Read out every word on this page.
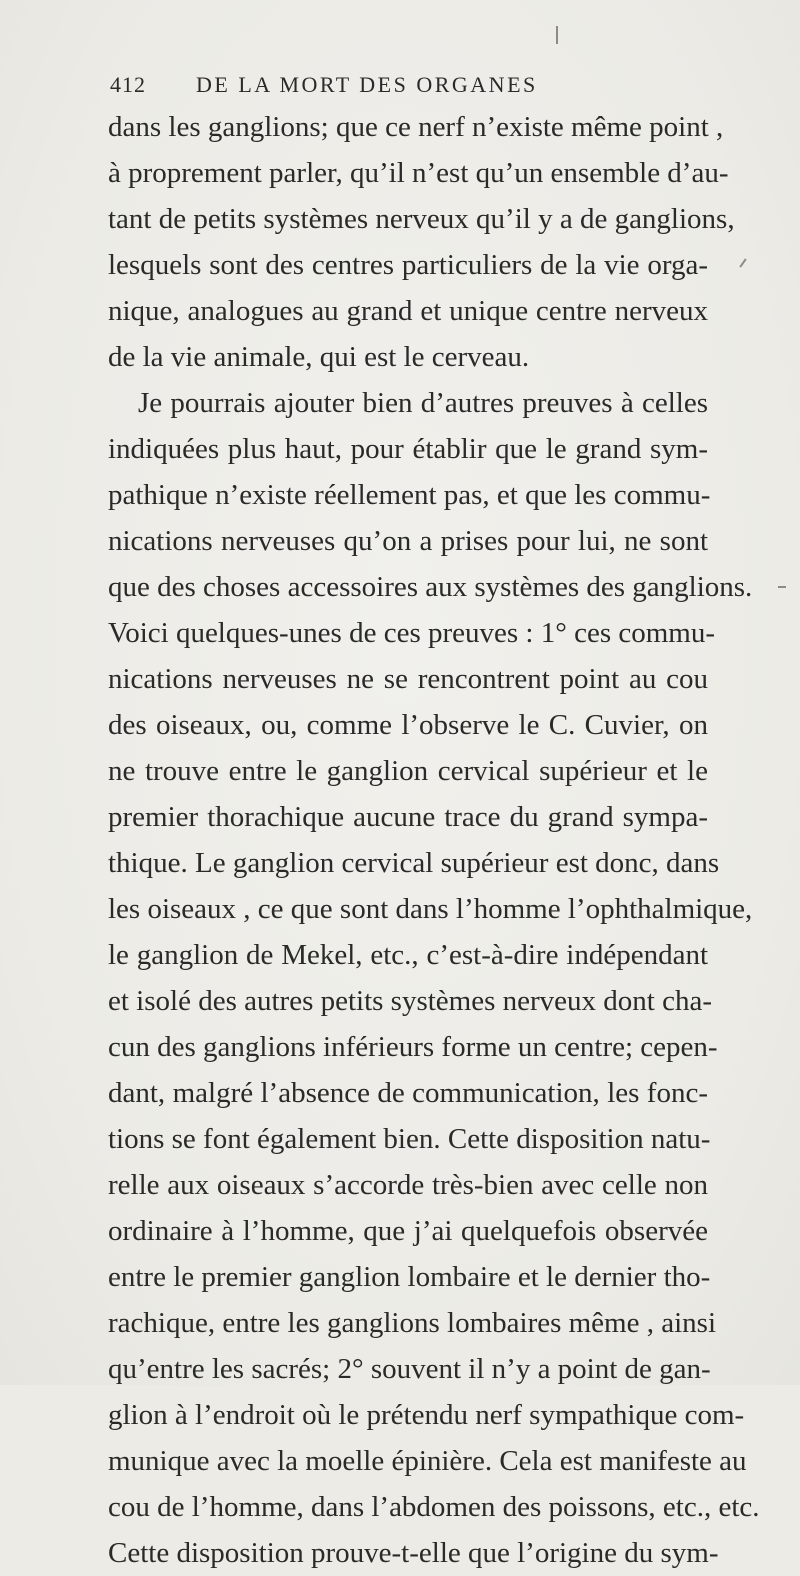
412 DE LA MORT DES ORGANES
dans les ganglions; que ce nerf n’existe même point ,
à proprement parler, qu’il n’est qu’un ensemble d’au-
tant de petits systèmes nerveux qu’il y a de ganglions,
lesquels sont des centres particuliers de la vie orga-
nique, analogues au grand et unique centre nerveux
de la vie animale, qui est le cerveau.
Je pourrais ajouter bien d’autres preuves à celles
indiquées plus haut, pour établir que le grand sym-
pathique n’existe réellement pas, et que les commu-
nications nerveuses qu’on a prises pour lui, ne sont
que des choses accessoires aux systèmes des ganglions.
Voici quelques-unes de ces preuves : 1° ces commu-
nications nerveuses ne se rencontrent point au cou
des oiseaux, ou, comme l’observe le C. Cuvier, on
ne trouve entre le ganglion cervical supérieur et le
premier thorachique aucune trace du grand sympa-
thique. Le ganglion cervical supérieur est donc, dans
les oiseaux , ce que sont dans l’homme l’ophthalmique,
le ganglion de Mekel, etc., c’est-à-dire indépendant
et isolé des autres petits systèmes nerveux dont cha-
cun des ganglions inférieurs forme un centre; cepen-
dant, malgré l’absence de communication, les fonc-
tions se font également bien. Cette disposition natu-
relle aux oiseaux s’accorde très-bien avec celle non
ordinaire à l’homme, que j’ai quelquefois observée
entre le premier ganglion lombaire et le dernier tho-
rachique, entre les ganglions lombaires même , ainsi
qu’entre les sacrés; 2° souvent il n’y a point de gan-
glion à l’endroit où le prétendu nerf sympathique com-
munique avec la moelle épinière. Cela est manifeste au
cou de l’homme, dans l’abdomen des poissons, etc., etc.
Cette disposition prouve-t-elle que l’origine du sym-
